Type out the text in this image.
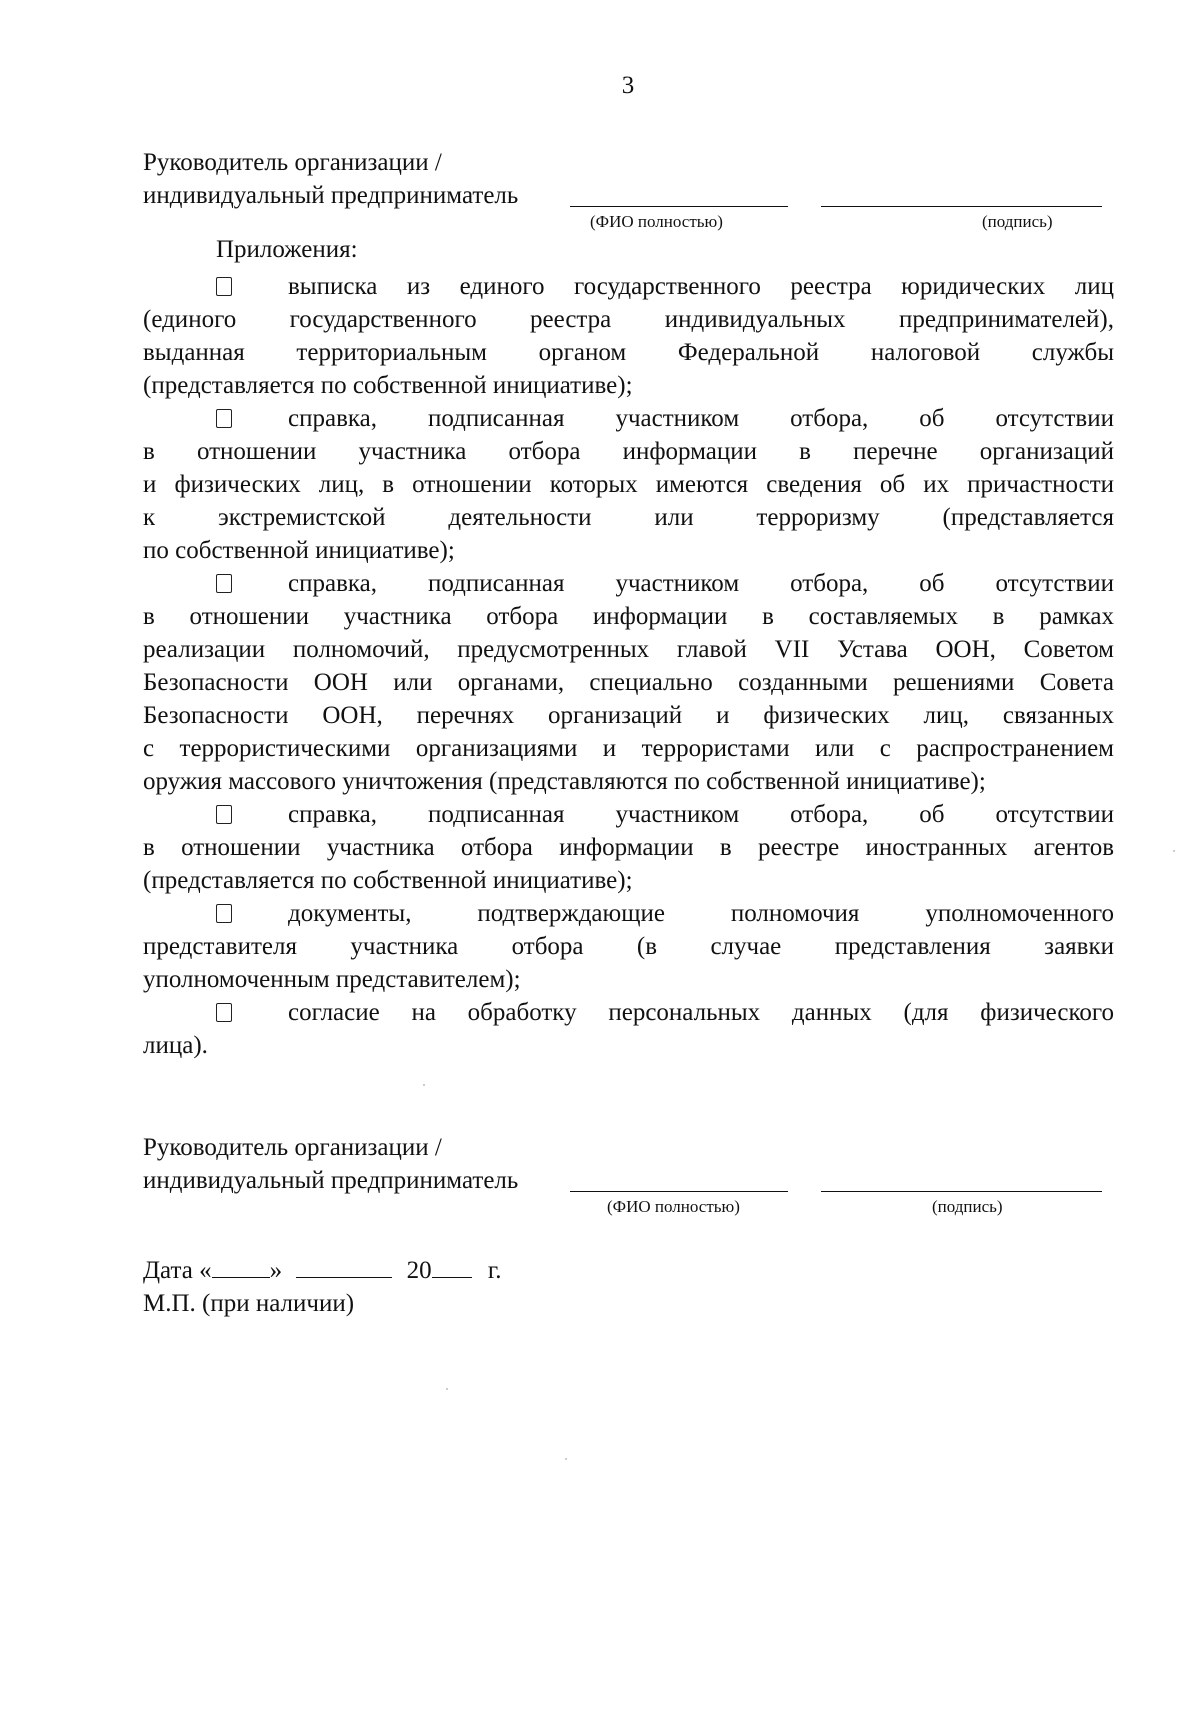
3
Руководитель организации /
индивидуальный предприниматель
(ФИО полностью)	(подпись)
Приложения:
выписка из единого государственного реестра юридических лиц
(единого государственного реестра индивидуальных предпринимателей),
выданная территориальным органом Федеральной налоговой службы
(представляется по собственной инициативе);
справка, подписанная участником отбора, об отсутствии
в отношении участника отбора информации в перечне организаций
и физических лиц, в отношении которых имеются сведения об их причастности
к экстремистской деятельности или терроризму (представляется
по собственной инициативе);
справка, подписанная участником отбора, об отсутствии
в отношении участника отбора информации в составляемых в рамках
реализации полномочий, предусмотренных главой VII Устава ООН, Советом
Безопасности ООН или органами, специально созданными решениями Совета
Безопасности ООН, перечнях организаций и физических лиц, связанных
с террористическими организациями и террористами или с распространением
оружия массового уничтожения (представляются по собственной инициативе);
справка, подписанная участником отбора, об отсутствии
в отношении участника отбора информации в реестре иностранных агентов
(представляется по собственной инициативе);
документы, подтверждающие полномочия уполномоченного
представителя участника отбора (в случае представления заявки
уполномоченным представителем);
согласие на обработку персональных данных (для физического
лица).
Руководитель организации /
индивидуальный предприниматель
(ФИО полностью)	(подпись)
Дата « »	20 г.
М.П. (при наличии)
